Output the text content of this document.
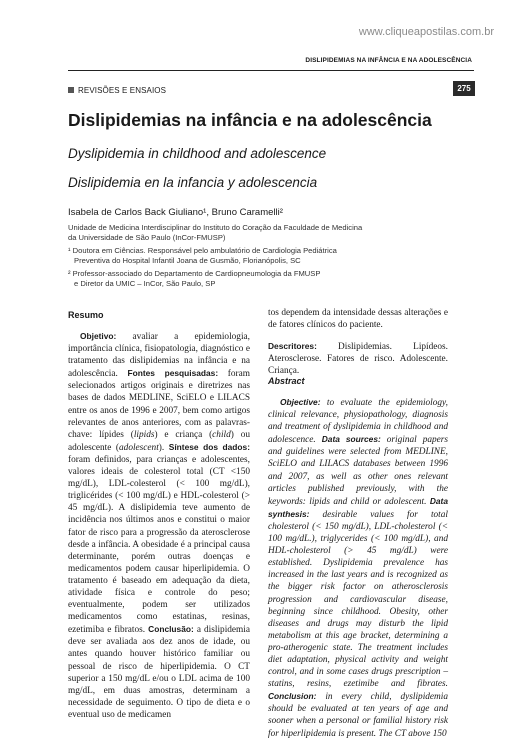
www.cliqueapostilas.com.br
DISLIPIDEMIAS NA INFÂNCIA E NA ADOLESCÊNCIA
REVISÕES E ENSAIOS	275
Dislipidemias na infância e na adolescência
Dyslipidemia in childhood and adolescence
Dislipidemia en la infancia y adolescencia
Isabela de Carlos Back Giuliano¹, Bruno Caramelli²

Unidade de Medicina Interdisciplinar do Instituto do Coração da Faculdade de Medicina
da Universidade de São Paulo (InCor-FMUSP)

¹ Doutora em Ciências. Responsável pelo ambulatório de Cardiologia Pediátrica
Preventiva do Hospital Infantil Joana de Gusmão, Florianópolis, SC

² Professor-associado do Departamento de Cardiopneumologia da FMUSP
e Diretor da UMIC – InCor, São Paulo, SP

Resumo

Objetivo: avaliar a epidemiologia, importância clínica, fisiopatologia, diagnóstico e tratamento das dislipidemias na infância e na adolescência. Fontes pesquisadas: foram selecionados artigos originais e diretrizes nas bases de dados MEDLINE, SciELO e LILACS entre os anos de 1996 e 2007, bem como artigos relevantes de anos anteriores, com as palavras-chave: lípides (lipids) e criança (child) ou adolescente (adolescent). Síntese dos dados: foram definidos, para crianças e adolescentes, valores ideais de colesterol total (CT <150 mg/dL), LDL-colesterol (< 100 mg/dL), triglicérides (< 100 mg/dL) e HDL-colesterol (> 45 mg/dL). A dislipidemia teve aumento de incidência nos últimos anos e constitui o maior fator de risco para a progressão da aterosclerose desde a infância. A obesidade é a principal causa determinante, porém outras doenças e medicamentos podem causar hiperlipidemia. O tratamento é baseado em adequação da dieta, atividade física e controle do peso; eventualmente, podem ser utilizados medicamentos como estatinas, resinas, ezetimiba e fibratos. Conclusão: a dislipidemia deve ser avaliada aos dez anos de idade, ou antes quando houver histórico familiar ou pessoal de risco de hiperlipidemia. O CT superior a 150 mg/dL e/ou o LDL acima de 100 mg/dL, em duas amostras, determinam a necessidade de seguimento. O tipo de dieta e o eventual uso de medicamen

tos dependem da intensidade dessas alterações e de fatores clínicos do paciente.

Descritores: Dislipidemias. Lipídeos. Aterosclerose. Fatores de risco. Adolescente. Criança.

Abstract

Objective: to evaluate the epidemiology, clinical relevance, physiopathology, diagnosis and treatment of dyslipidemia in childhood and adolescence. Data sources: original papers and guidelines were selected from MEDLINE, SciELO and LILACS databases between 1996 and 2007, as well as other ones relevant articles published previously, with the keywords: lipids and child or adolescent. Data synthesis: desirable values for total cholesterol (< 150 mg/dL), LDL-cholesterol (< 100 mg/dL.), triglycerides (< 100 mg/dL), and HDL-cholesterol (> 45 mg/dL) were established. Dyslipidemia prevalence has increased in the last years and is recognized as the bigger risk factor on atherosclerosis progression and cardiovascular disease, beginning since childhood. Obesity, other diseases and drugs may disturb the lipid metabolism at this age bracket, determining a pro-atherogenic state. The treatment includes diet adaptation, physical activity and weight control, and in some cases drugs prescription – statins, resins, ezetimibe and fibrates. Conclusion: in every child, dyslipidemia should be evaluated at ten years of age and sooner when a personal or familial history risk for hiperlipidemia is present. The CT above 150
